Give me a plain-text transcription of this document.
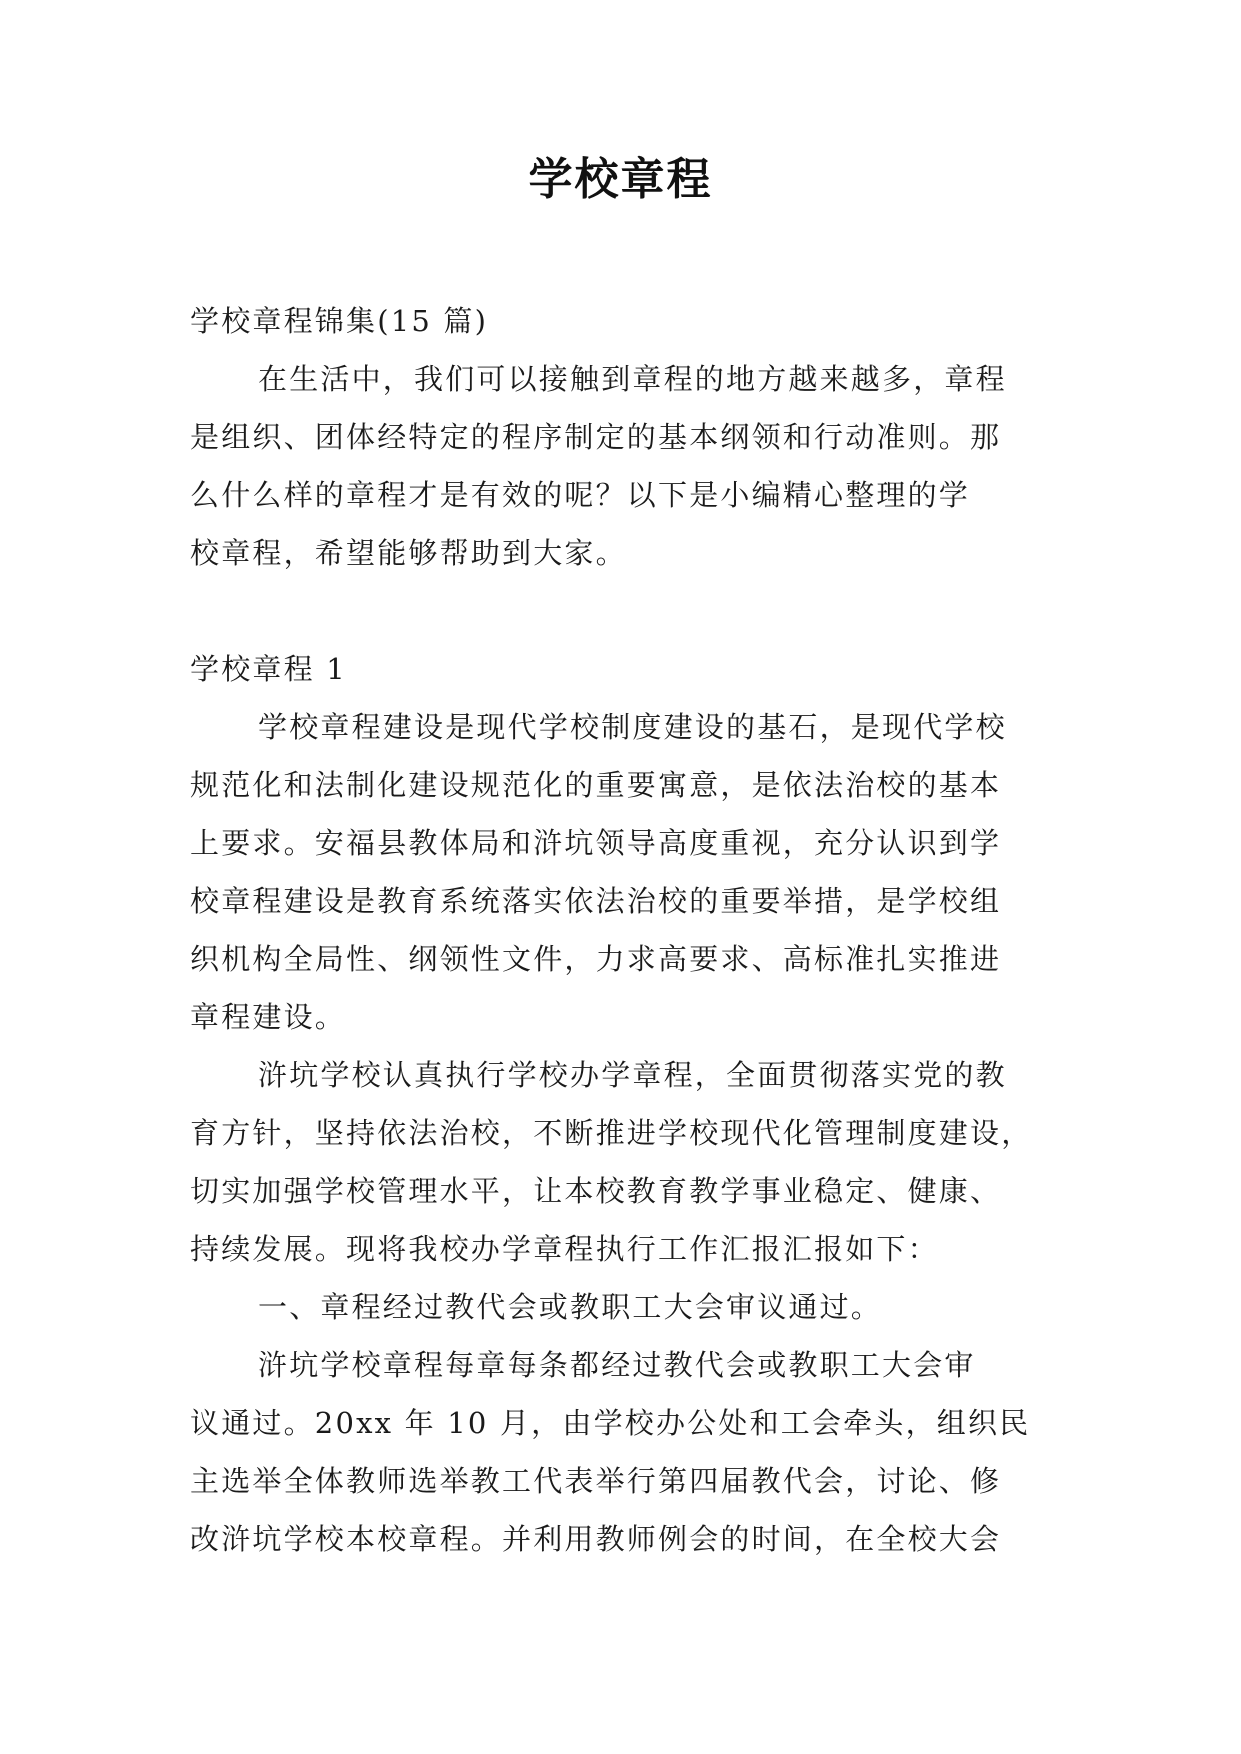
学校章程
学校章程锦集(15 篇)
在生活中，我们可以接触到章程的地方越来越多，章程
是组织、团体经特定的程序制定的基本纲领和行动准则。那
么什么样的章程才是有效的呢？以下是小编精心整理的学
校章程，希望能够帮助到大家。
学校章程 1
学校章程建设是现代学校制度建设的基石，是现代学校
规范化和法制化建设规范化的重要寓意，是依法治校的基本
上要求。安福县教体局和浒坑领导高度重视，充分认识到学
校章程建设是教育系统落实依法治校的重要举措，是学校组
织机构全局性、纲领性文件，力求高要求、高标准扎实推进
章程建设。
浒坑学校认真执行学校办学章程，全面贯彻落实党的教
育方针，坚持依法治校，不断推进学校现代化管理制度建设，
切实加强学校管理水平，让本校教育教学事业稳定、健康、
持续发展。现将我校办学章程执行工作汇报汇报如下：
一、章程经过教代会或教职工大会审议通过。
浒坑学校章程每章每条都经过教代会或教职工大会审
议通过。20xx 年 10 月，由学校办公处和工会牵头，组织民
主选举全体教师选举教工代表举行第四届教代会，讨论、修
改浒坑学校本校章程。并利用教师例会的时间，在全校大会
